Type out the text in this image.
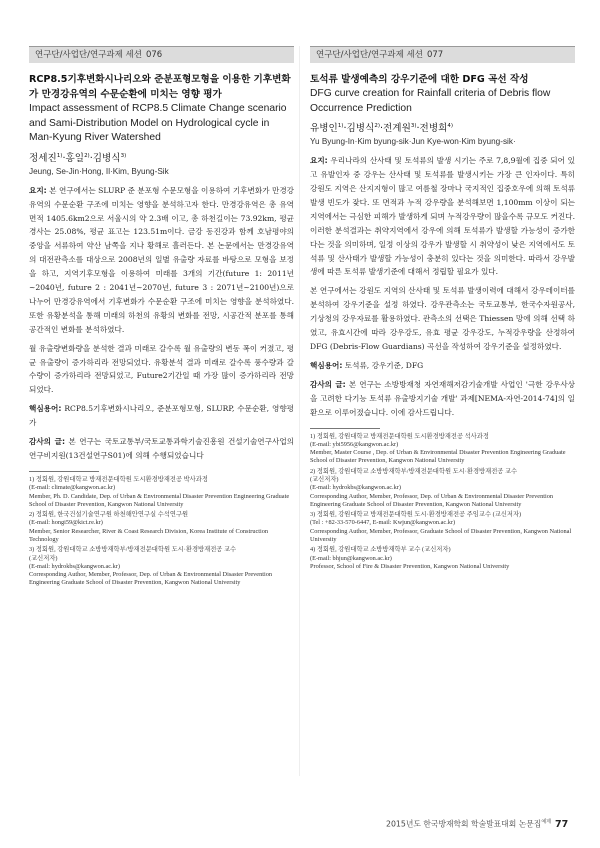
연구단/사업단/연구과제 세션 076
RCP8.5기후변화시나리오와 준분포형모형을 이용한 기후변화가 만경강유역의 수문순환에 미치는 영향 평가
Impact assessment of RCP8.5 Climate Change scenario and Sami-Distribution Model on Hydrological cycle in Man-Kyung River Watershed
정세진$^{1)}$·홍일$^{2)}$·김병식$^{3)}$
Jeung, Se-Jin·Hong, Il·Kim, Byung-Sik

요지: 본 연구에서는 SLURP 준 분포형 수문모형을 이용하여 기후변화가 만경강유역의 수문순환 구조에 미치는 영향을 분석하고자 한다. 만경강유역은 총 유역면적 1405.6km2으로 서울시의 약 2.3배 이고, 총 하천길이는 73.92km, 평균 경사는 25.08%, 평균 표고는 123.51m이다. 금강 동진강과 함께 호남평야의 중앙을 서류하여 약산 남쪽을 지나 황해로 흘러든다. 본 논문에서는 만경강유역의 대전관측소를 대상으로 2008년의 일별 유출량 자료를 바탕으로 모형을 보정을 하고, 지역기후모형을 이용하여 미래를 3개의 기간(future 1: 2011년~2040년, future 2 : 2041년~2070년, future 3 : 2071년~2100년)으로 나누어 만경강유역에서 기후변화가 수문순환 구조에 미치는 영향을 분석하였다. 또한 유황분석을 통해 미래의 하천의 유황의 변화를 전망, 시공간적 분포를 통해 공간적인 변화를 분석하였다.

월 유출량변화량을 분석한 결과 미래로 갈수록 월 유출량의 변동 폭이 커졌고, 평균 유출량이 증가하리라 전망되었다. 유황분석 결과 미래로 갈수록 풍수량과 갈수량이 증가하리라 전망되었고, Future2기간일 때 가장 많이 증가하리라 전망되었다.

핵심용어: RCP8.5기후변화시나리오, 준분포형모형, SLURP, 수문순환, 영향평가

감사의 글: 본 연구는 국토교통부/국토교통과학기술진흥원 건설기술연구사업의 연구비지원(13건설연구S01)에 의해 수행되었습니다

1) 정회원, 강원대학교 방재전문대학원 도시환경방재전공 박사과정
(E-mail: climate@kangwon.ac.kr)
Member, Ph. D. Candidate, Dep. of Urban & Environmental Disaster Prevention Engineering Graduate School of Disaster Prevention, Kangwon National University
2) 정회원, 한국건설기술연구원 하천해안연구실 수석연구원
(E-mail: hongi59@kict.re.kr)
Member, Senior Researcher, River & Coast Research Division, Korea Institute of Construction Technology
3) 정회원, 강원대학교 소방방재학부/방재전문대학원 도시·환경방재전공 교수
(교신저자)
(E-mail: hydrokbs@kangwon.ac.kr)
Corresponding Author, Member, Professor, Dep. of Urban & Environmental Disaster Prevention Engineering Graduate School of Disaster Prevention, Kangwon National University
연구단/사업단/연구과제 세션 077
토석류 발생예측의 강우기준에 대한 DFG 곡선 작성
DFG curve creation for Rainfall criteria of Debris flow Occurrence Prediction
유병인$^{1)}$·김병식$^{2)}$·전계원$^{3)}$·전병희$^{4)}$
Yu Byung-In·Kim byung-sik·Jun Kye-won·Kim byung-sik·

요지: 우리나라의 산사태 및 토석류의 발생 시기는 주로 7,8,9월에 집중 되어 있고 유발인자 중 강우는 산사태 및 토석류를 발생시키는 가장 큰 인자이다. 특히 강원도 지역은 산지지형이 많고 여름철 장마나 국지적인 집중호우에 의해 토석류 발생 빈도가 잦다. 또 면적과 누적 강우량을 분석해보면 1,100mm 이상이 되는 지역에서는 극심한 피해가 발생하게 되며 누적강우량이 많을수록 규모도 커진다. 이러한 분석결과는 취약지역에서 강우에 의해 토석류가 발생할 가능성이 증가한다는 것을 의미하며, 일정 이상의 강우가 발생할 시 취약성이 낮은 지역에서도 토석류 및 산사태가 발생할 가능성이 충분히 있다는 것을 의미한다. 따라서 강우발생에 따른 토석류 발생기준에 대해서 정립할 필요가 있다.

본 연구에서는 강원도 지역의 산사태 및 토석류 발생이력에 대해서 강우데이터를 분석하여 강우기준을 설정 하였다. 강우관측소는 국토교통부, 한국수자원공사, 기상청의 강우자료를 활용하였다. 관측소의 선택은 Thiessen 망에 의해 선택 하였고, 유효시간에 따라 강우강도, 유효 평균 강우강도, 누적강우량을 산정하여 DFG (Debris-Flow Guardians) 곡선을 작성하여 강우기준을 설정하였다.

핵심용어: 토석류, 강우기준, DFG

감사의 글: 본 연구는 소방방재청 자연재해저감기술개발 사업인 '극한 강우사상을 고려한 다기능 토석류 유출방지기술 개발' 과제[NEMA-자연-2014-74]의 일환으로 이루어졌습니다. 이에 감사드립니다.

1) 정회원, 강원대학교 방재전문대학원 도시환경방재전공 석사과정
(E-mail: ybi5956@kangwon.ac.kr)
Member, Master Course , Dep. of Urban & Environmental Disaster Prevention Engineering Graduate School of Disaster Prevention, Kangwon National University
2) 정회원, 강원대학교 소방방재학부/방재전문대학원 도시·환경방재전공 교수
(교신저자)
(E-mail: hydrokbs@kangwon.ac.kr)
Corresponding Author, Member, Professor, Dep. of Urban & Environmental Disaster Prevention Engineering Graduate School of Disaster Prevention, Kangwon National University
3) 정회원, 강원대학교 방재전문대학원 도시·환경방재전공 주임교수 (교신저자)
(Tel : +82-33-570-6447, E-mail: Kwjun@kangwon.ac.kr)
Corresponding Author, Member, Professor, Graduate School of Disaster Prevention, Kangwon National University
4) 정회원, 강원대학교 소방방재학부 교수 (교신저자)
(E-mail: bhjun@kangwon.ac.kr)
Professor, School of Fire & Disaster Prevention, Kangwon National University
2015년도 한국방재학회 학술발표대회 논문집$^{예제}$ 77
